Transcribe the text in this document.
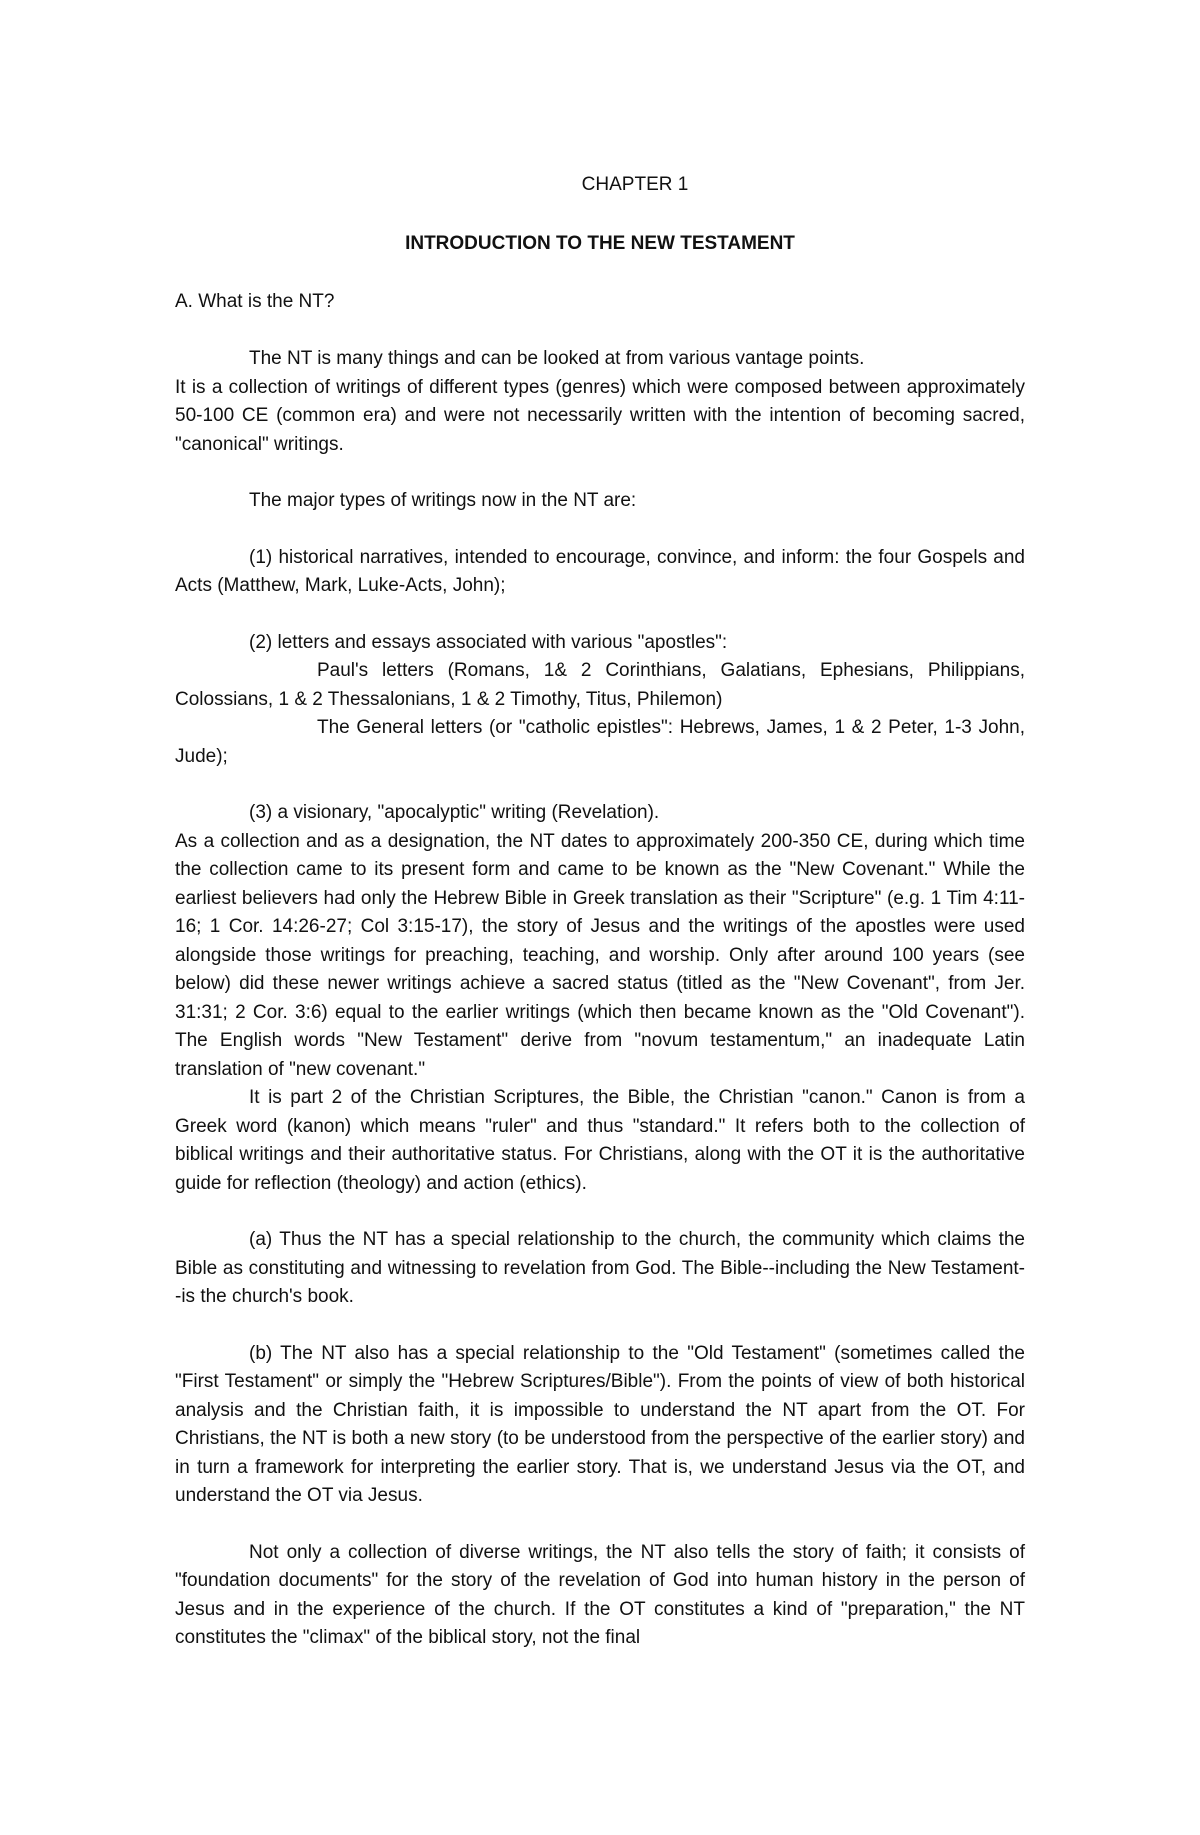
CHAPTER 1
INTRODUCTION TO THE NEW TESTAMENT
A. What is the NT?

The NT is many things and can be looked at from various vantage points.

It is a collection of writings of different types (genres) which were composed between approximately 50-100 CE (common era) and were not necessarily written with the intention of becoming sacred, "canonical" writings.

The major types of writings now in the NT are:

(1) historical narratives, intended to encourage, convince, and inform: the four Gospels and Acts (Matthew, Mark, Luke-Acts, John);

(2) letters and essays associated with various "apostles":

Paul's letters (Romans, 1& 2 Corinthians, Galatians, Ephesians, Philippians, Colossians, 1 & 2 Thessalonians, 1 & 2 Timothy, Titus, Philemon)

The General letters (or "catholic epistles": Hebrews, James, 1 & 2 Peter, 1-3 John, Jude);

(3) a visionary, "apocalyptic" writing (Revelation).

As a collection and as a designation, the NT dates to approximately 200-350 CE, during which time the collection came to its present form and came to be known as the "New Covenant." While the earliest believers had only the Hebrew Bible in Greek translation as their "Scripture" (e.g. 1 Tim 4:11-16; 1 Cor. 14:26-27; Col 3:15-17), the story of Jesus and the writings of the apostles were used alongside those writings for preaching, teaching, and worship. Only after around 100 years (see below) did these newer writings achieve a sacred status (titled as the "New Covenant", from Jer. 31:31; 2 Cor. 3:6) equal to the earlier writings (which then became known as the "Old Covenant"). The English words "New Testament" derive from "novum testamentum," an inadequate Latin translation of "new covenant."

It is part 2 of the Christian Scriptures, the Bible, the Christian "canon." Canon is from a Greek word (kanon) which means "ruler" and thus "standard." It refers both to the collection of biblical writings and their authoritative status. For Christians, along with the OT it is the authoritative guide for reflection (theology) and action (ethics).

(a) Thus the NT has a special relationship to the church, the community which claims the Bible as constituting and witnessing to revelation from God. The Bible--including the New Testament--is the church's book.

(b) The NT also has a special relationship to the "Old Testament" (sometimes called the "First Testament" or simply the "Hebrew Scriptures/Bible"). From the points of view of both historical analysis and the Christian faith, it is impossible to understand the NT apart from the OT. For Christians, the NT is both a new story (to be understood from the perspective of the earlier story) and in turn a framework for interpreting the earlier story. That is, we understand Jesus via the OT, and understand the OT via Jesus.

Not only a collection of diverse writings, the NT also tells the story of faith; it consists of "foundation documents" for the story of the revelation of God into human history in the person of Jesus and in the experience of the church. If the OT constitutes a kind of "preparation," the NT constitutes the "climax" of the biblical story, not the final
